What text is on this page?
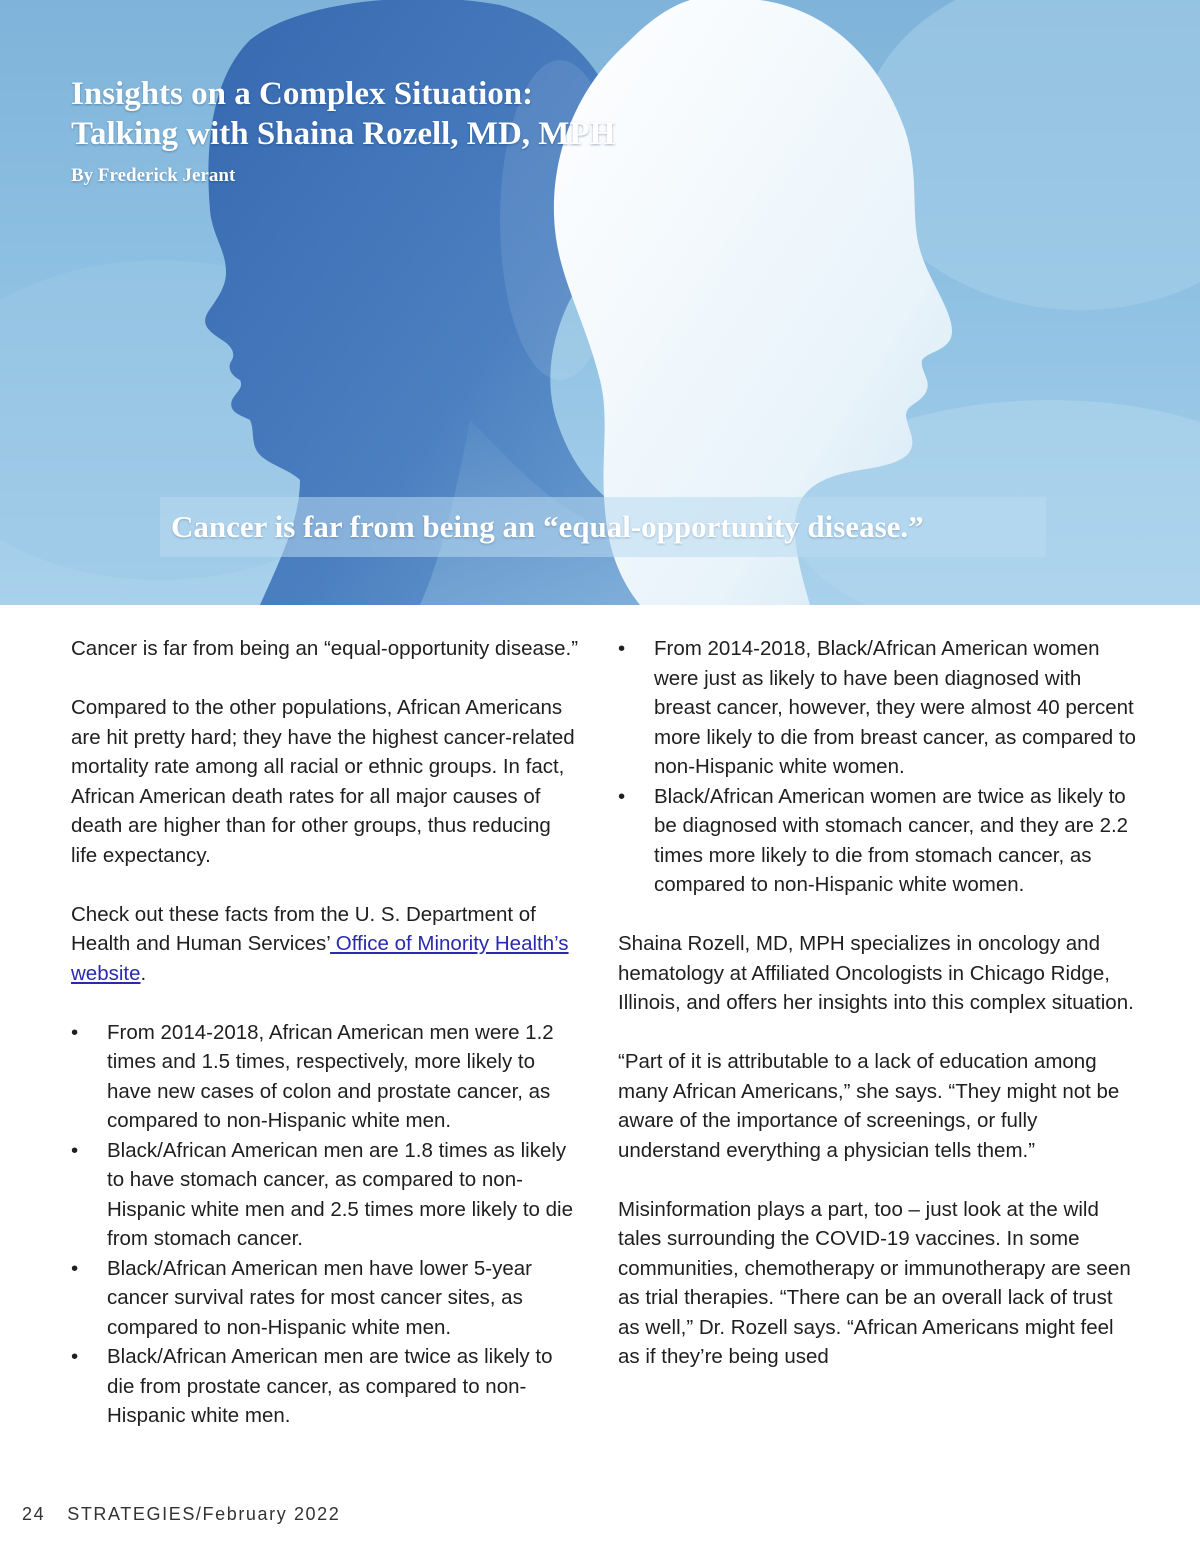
Insights on a Complex Situation:
Talking with Shaina Rozell, MD, MPH
By Frederick Jerant

Cancer is far from being an “equal-opportunity disease.”

Cancer is far from being an “equal-opportunity disease.”

Compared to the other populations, African Americans are hit pretty hard; they have the highest cancer-related mortality rate among all racial or ethnic groups. In fact, African American death rates for all major causes of death are higher than for other groups, thus reducing life expectancy.

Check out these facts from the U. S. Department of Health and Human Services’ Office of Minority Health’s website.

• From 2014-2018, African American men were 1.2 times and 1.5 times, respectively, more likely to have new cases of colon and prostate cancer, as compared to non-Hispanic white men.
• Black/African American men are 1.8 times as likely to have stomach cancer, as compared to non-Hispanic white men and 2.5 times more likely to die from stomach cancer.
• Black/African American men have lower 5-year cancer survival rates for most cancer sites, as compared to non-Hispanic white men.
• Black/African American men are twice as likely to die from prostate cancer, as compared to non-Hispanic white men.
• From 2014-2018, Black/African American women were just as likely to have been diagnosed with breast cancer, however, they were almost 40 percent more likely to die from breast cancer, as compared to non-Hispanic white women.
• Black/African American women are twice as likely to be diagnosed with stomach cancer, and they are 2.2 times more likely to die from stomach cancer, as compared to non-Hispanic white women.

Shaina Rozell, MD, MPH specializes in oncology and hematology at Affiliated Oncologists in Chicago Ridge, Illinois, and offers her insights into this complex situation.

“Part of it is attributable to a lack of education among many African Americans,” she says. “They might not be aware of the importance of screenings, or fully understand everything a physician tells them.”

Misinformation plays a part, too – just look at the wild tales surrounding the COVID-19 vaccines. In some communities, chemotherapy or immunotherapy are seen as trial therapies. “There can be an overall lack of trust as well,” Dr. Rozell says. “African Americans might feel as if they’re being used

24 STRATEGIES/February 2022
